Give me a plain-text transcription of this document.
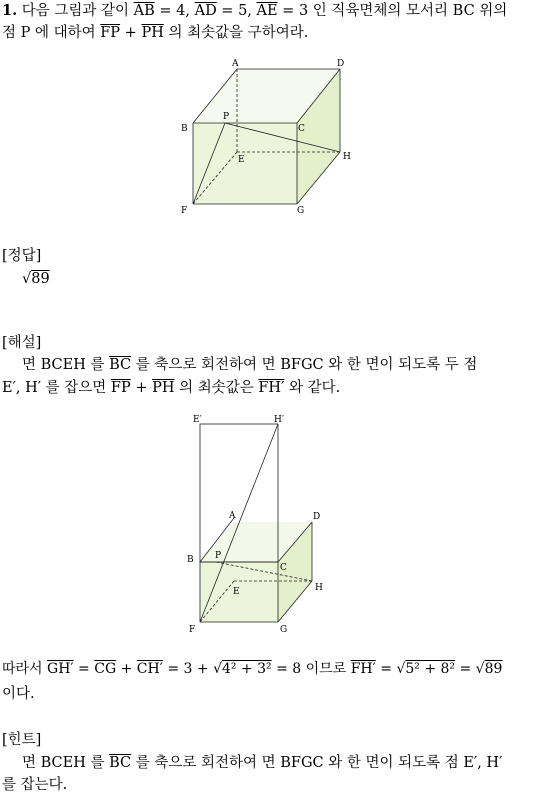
1. 다음 그림과 같이 $\overline{AB} = 4$, $\overline{AD} = 5$, $\overline{AE} = 3$ 인 직육면체의 모서리 BC 위의
점 P 에 대하여 $\overline{FP} + \overline{PH}$ 의 최솟값을 구하여라.
A	D
B
P
C
H
E
F	G
[정답]
√89
[해설]
면 BCEH 를 $\overline{BC}$ 를 축으로 회전하여 면 BFGC 와 한 면이 되도록 두 점
E′, H′ 를 잡으면 $\overline{FP} + \overline{PH}$ 의 최솟값은 FH′ 와 같다.
E′	H′
A	D
B P
C
H
E
F	G
따라서 $GH' = \overline{CG} + CH' = 3 + √4^2 + 3^2 = 8$ 이므로 FH′ = √5² + 8² = √89
이다.
[힌트]
면 BCEH 를 $\overline{BC}$ 를 축으로 회전하여 면 BFGC 와 한 면이 되도록 점 E′, H′
를 잡는다.
